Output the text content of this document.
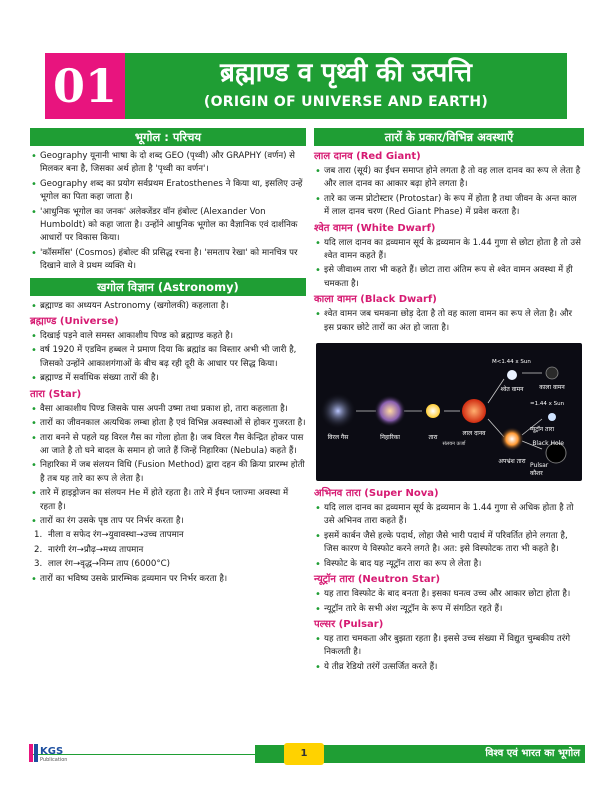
01	ब्रह्माण्ड व पृथ्वी की उत्पत्ति
(ORIGIN OF UNIVERSE AND EARTH)
भूगोल : परिचय
• Geography यूनानी भाषा के दो शब्द GEO (पृथ्वी) और GRAPHY (वर्णन) से मिलकर बना है, जिसका अर्थ होता है 'पृथ्वी का वर्णन'।
• Geography शब्द का प्रयोग सर्वप्रथम Eratosthenes ने किया था, इसलिए उन्हें भूगोल का पिता कहा जाता है।
• 'आधुनिक भूगोल का जनक' अलेक्जेंडर वॉन हंबोल्ट (Alexander Von Humboldt) को कहा जाता है। उन्होंने आधुनिक भूगोल का वैज्ञानिक एवं दार्शनिक आधारों पर विकास किया।
• 'कॉसमॉस' (Cosmos) हंबोल्ट की प्रसिद्ध रचना है। 'समताप रेखा' को मानचित्र पर दिखाने वाले वे प्रथम व्यक्ति थे।
खगोल विज्ञान (Astronomy)
• ब्रह्माण्ड का अध्ययन Astronomy (खगोलकी) कहलाता है।
ब्रह्माण्ड (Universe)
• दिखाई पड़ने वाले समस्त आकाशीय पिण्ड को ब्रह्माण्ड कहते है।
• वर्ष 1920 में एडविन हब्बल ने प्रमाण दिया कि ब्रह्मांड का विस्तार अभी भी जारी है, जिसको उन्होंने आकाशगंगाओं के बीच बढ़ रही दूरी के आधार पर सिद्ध किया।
• ब्रह्माण्ड में सर्वाधिक संख्या तारों की है।
तारा (Star)
• वैसा आकाशीय पिण्ड जिसके पास अपनी उष्मा तथा प्रकाश हो, तारा कहलाता है।
• तारों का जीवनकाल अत्यधिक लम्बा होता है एवं विभिन्न अवस्थाओं से होकर गुजरता है।
• तारा बनने से पहले यह विरल गैस का गोला होता है। जब विरल गैस केन्द्रित होकर पास आ जाते है तो घने बादल के समान हो जाते हैं जिन्हें निहारिका (Nebula) कहते हैं।
• निहारिका में जब संलयन विधि (Fusion Method) द्वारा दहन की क्रिया प्रारम्भ होती है तब यह तारे का रूप ले लेता है।
• तारे में हाइड्रोजन का संलयन He में होते रहता है। तारे में ईंधन प्लाज्मा अवस्था में रहता है।
• तारों का रंग उसके पृष्ठ ताप पर निर्भर करता है।
1. नीला व सफेद रंग→युवावस्था→उच्च तापमान
2. नारंगी रंग→प्रौढ़→मध्य तापमान
3. लाल रंग→वृद्ध→निम्न ताप (6000°C)
• तारों का भविष्य उसके प्रारम्भिक द्रव्यमान पर निर्भर करता है।
तारों के प्रकार/विभिन्न अवस्थाएँ
लाल दानव (Red Giant)
• जब तारा (सूर्य) का ईंधन समाप्त होने लगता है तो वह लाल दानव का रूप ले लेता है और लाल दानव का आकार बढ़ा होने लगता है।
• तारे का जन्म प्रोटोस्टार (Protostar) के रूप में होता है तथा जीवन के अन्त काल में लाल दानव चरण (Red Giant Phase) में प्रवेश करता है।
श्वेत वामन (White Dwarf)
• यदि लाल दानव का द्रव्यमान सूर्य के द्रव्यमान के 1.44 गुणा से छोटा होता है तो उसे श्वेत वामन कहते हैं।
• इसे जीवाश्म तारा भी कहते हैं। छोटा तारा अंतिम रूप से श्वेत वामन अवस्था में ही चमकता है।
काला वामन (Black Dwarf)
• श्वेत वामन जब चमकना छोड़ देता है तो वह काला वामन का रूप ले लेता है। और इस प्रकार छोटे तारों का अंत हो जाता है।
विरल गैस	निहारिका	तारा
लाल दानव
संलयन ऊर्जा
श्वेत वामन	काला वामन
M<1.44 x Sun
=1.44 x Sun
अपभ्रंश तारा
न्यूट्रॉन तारा
Pulsar
कौशर
Black Hole
अभिनव तारा (Super Nova)
• यदि लाल दानव का द्रव्यमान सूर्य के द्रव्यमान के 1.44 गुणा से अधिक होता है तो उसे अभिनव तारा कहते हैं।
• इसमें कार्बन जैसे हल्के पदार्थ, लोहा जैसे भारी पदार्थ में परिवर्तित होने लगता है, जिस कारण ये विस्फोट करने लगते है। अत: इसे विस्फोटक तारा भी कहते है।
• विस्फोट के बाद यह न्यूट्रॉन तारा का रूप ले लेता है।
न्यूट्रॉन तारा (Neutron Star)
• यह तारा विस्फोट के बाद बनता है। इसका घनत्व उच्च और आकार छोटा होता है।
• न्यूट्रॉन तारे के सभी अंश न्यूट्रॉन के रूप में संगठित रहते हैं।
पल्सर (Pulsar)
• यह तारा चमकता और बुझता रहता है। इससे उच्च संख्या में विद्युत चुम्बकीय तरंगे निकलती है।
• ये तीव्र रेडियो तरंगें उत्सर्जित करते हैं।
KGS
Publication
1	विश्व एवं भारत का भूगोल
